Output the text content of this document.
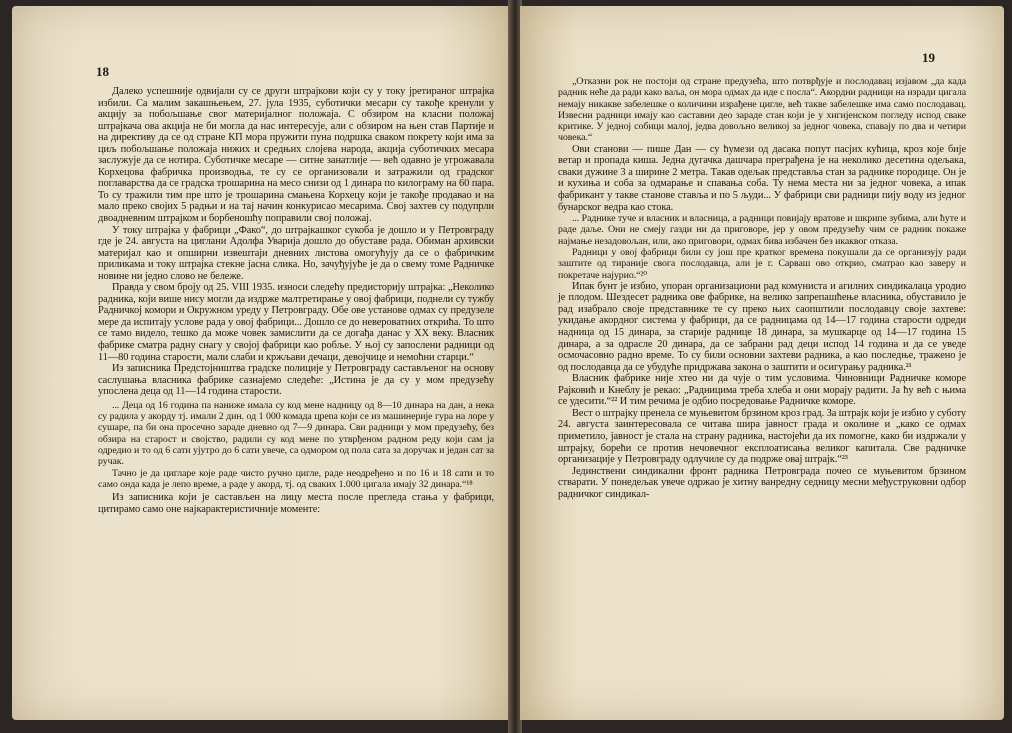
18

Далеко успешније одвијали су се други штрајкови који су у току јретираног штрајка избили. Са малим закашњењем, 27. јула 1935, суботички месари су такође кренули у акцију за побољшање свог материјалног положаја. С обзиром на класни положај штрајкача ова акција не би могла да нас интересује, али с обзиром на њен став Партије и на директиву да се од стране КП мора пружити пуна подршка сваком покрету који има за циљ побољшање положаја нижих и средњих слојева народа, акција суботичких месара заслужује да се нотира. Суботичке месаре — ситне занатлије — већ одавно је угрожавала Корхецова фабричка производња, те су се организовали и затражили од градског поглаварства да се градска трошарина на месо снизи од 1 динара по килограму на 60 пара. То су тражили тим пре што је трошарина смањена Корхецу који је такође продавао и на мало преко својих 5 радњи и на тај начин конкурисао месарима. Свој захтев су подупрли двоадневним штрајком и борбеношћу поправили свој положај.

У току штрајка у фабрици „Фако“, до штрајкашког сукоба је дошло и у Петровграду где је 24. августа на циглани Адолфа Уваријa дошло до обуставе рада. Обиман архивски материјал као и опширни извештаји дневних листова омогућују да се о фабричким приликама и току штрајка стекне јасна слика. Но, зачуђујуће је да о свему томе Радничке новине ни једно слово не бележе.

Правда у свом броју од 25. VIII 1935. износи следећу предисторију штрајка: „Неколико радника, који више нису могли да издрже малтретирање у овој фабрици, поднели су тужбу Радничкој комори и Окружном уреду у Петровграду. Обе ове установе одмах су предузеле мере да испитају услове рада у овој фабрици... Дошло се до неверoватних открића. То што се тамо видело, тешко да може човек замислити да се догађа данас у XX веку. Власник фабрике сматра радну снагу у својој фабрици као робље. У њој су запослени радници од 11—80 година старости, мали слаби и кржљави дечаци, девојчице и немоћни старци.“

Из записника Предстојништва градске полиције у Петровграду састављеног на основу саслушања власника фабрике сазнајемо следеће: „Истина је да су у мом предузећу упослена деца од 11—14 година старости.

... Деца од 16 година па нaниже имала су код мене надницу од 8—10 динара на дан, а нека су радила у акорду тј. имали 2 дин. од 1 000 комада цреnа који се из машинерије гура на лоре у сушаре, па би она просечно зараде дневно од 7—9 динара. Сви радници у мом предузећу, без обзира на старост и својство, радили су код мене по утврђеном радном реду који сам ја одредио и то од 6 сати ујутро до 6 сати увече, са одмором од пола сата за доручак и један сат за ручак.

Тачно је да цигларе које раде чисто ручно цигле, раде неодређено и по 16 и 18 сати и то само онда када је лепо време, а раде у акорд, тј. од сваких 1.000 цигала имају 32 динара.“¹⁸

Из записника који је састављен на лицу места после прегледа стања у фабрици, цитирамо само оне најкарактеристичније моменте:

19

„Отказни рок не постоји од стране предузећа, што потврђује и послодавац изјавом „да када радник неће да ради како ваља, он мора одмах да иде с посла“. Акордни радници на изради цигала немају никакве забелешке о количини израђене цигле, већ такве забелешке има само послодавац. Извесни радници имају као саставни део зараде стан који је у хигијенском погледу испод сваке критике. У једној собици малој, једва довољно великој за једног човека, спавају по два и четири човека.“

Ови станови — пише Дан — су ћумези од дасака попут пасјих кућица, кроз које бије ветар и пропада киша. Једна дугачка дашчара преграђена је на неколико десетина одељака, сваки дужине 3 а ширине 2 метра. Такав одељак представља стан за раднике породице. Он је и кухиња и соба за одмарање и спавања соба. Ту нема места ни за једног човека, а ипак фабрикант у такве станове ставља и по 5 људи... У фабрици сви радници пију воду из једног бунарског ведра као стока.

... Раднике туче и власник и власница, а радници повијају вратове и шкрипе зубима, али ћуте и раде даље. Они не смеју газди ни да приговоре, јер у овом предузећу чим се радник покаже најмање незадовољан, или, ако приговори, одмах бива избачен без икаквог отказа.

Радници у овој фабрици били су још пре кратког времена покушали да се организују ради заштите од тираније свога послодавца, али је г. Сарваш ово открио, сматрао као заверу и покретаче најурио.“²⁰

Ипак бунт је избио, упоран организациони рад комуниста и агилних синдикалаца уродио је плодом. Шездесет радника ове фабрике, на велико запрепашћење власника, обуставило је рад изабрало своје представнике те су преко њих саопштили послодавцу своје захтеве: укидање акордног система у фабрици, да се радницама од 14—17 година старости одреди надница од 15 динара, за старије раднице 18 динара, за мушкарце од 14—17 година 15 динара, а за одрасле 20 динара, да се забрани рад деци испод 14 година и да се уведе осмочасовно радно време. То су били основни захтеви радника, а као последње, тражено је од послодавца да се убудуће придржава закона о заштити и осигурању радника.²¹

Власник фабрике није хтео ни да чује о тим условима. Чиновници Радничке коморе Рајковић и Кнеблу је рекао: „Радницима треба хлеба и они морају радити. Ја ћу већ с њима се удесити.“²² И тим речима је одбио посредовање Радничке коморе.

Вест о штрајку пренела се муњевитом брзином кроз град. За штрајк који је избио у суботу 24. августа заинтересовала се читава шира јавност града и околине и „како се одмах приметило, јавност је стала на страну радника, настојећи да их помогне, како би издржали у штрајку, борећи се против нечовечног експлоатисања великог капитала. Све радничке организације у Петровграду одлучиле су да подрже овај штрајк.“²³

Јединствени синдикални фронт радника Петровграда почео се муњевитом брзином стварати. У понедељак увече одржао је хитну ванредну седницу месни међуструковни одбор радничког синдикал-
